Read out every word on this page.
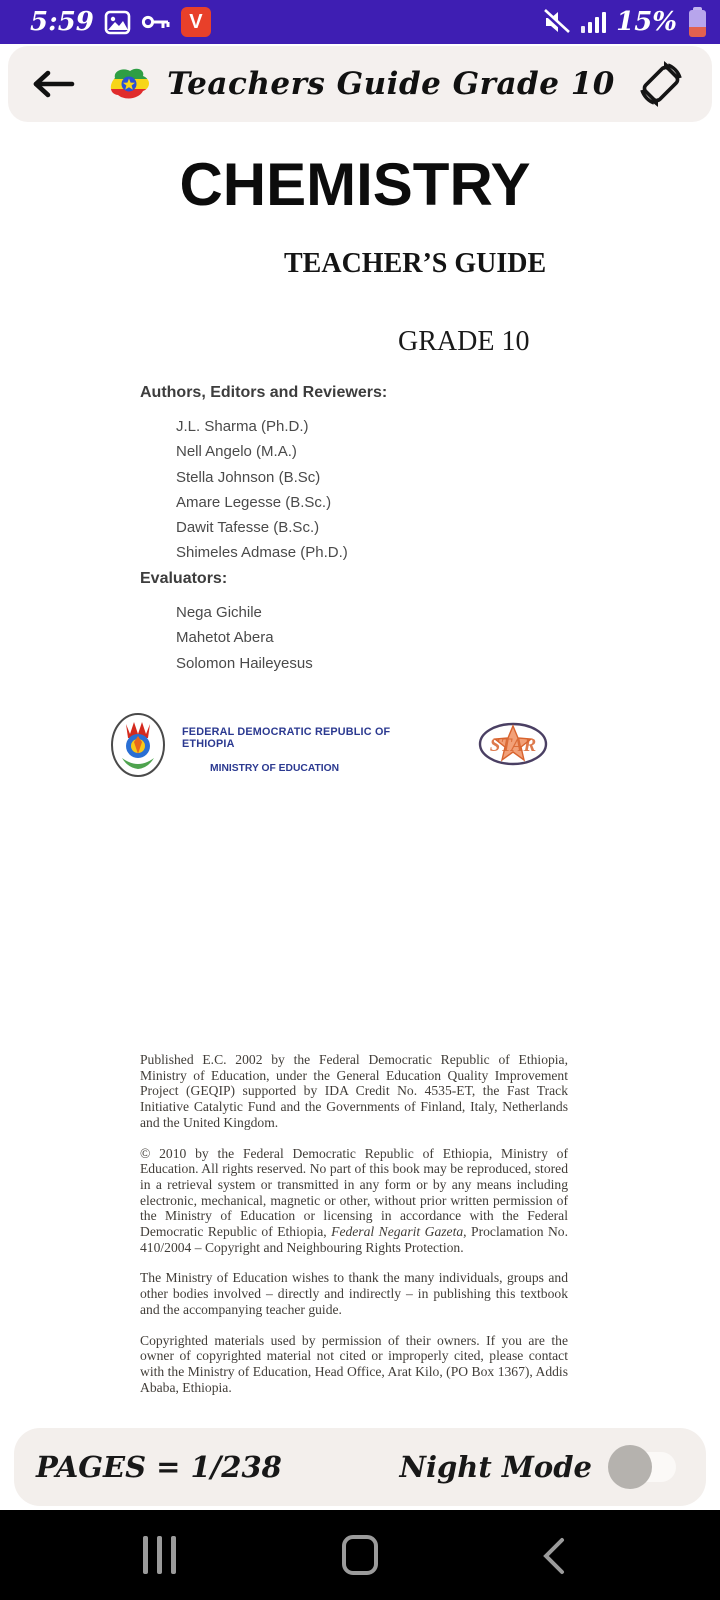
5:59	V	15%
Teachers Guide Grade 10
CHEMISTRY
TEACHER’S GUIDE
GRADE 10
Authors, Editors and Reviewers:
J.L. Sharma (Ph.D.)
Nell Angelo (M.A.)
Stella Johnson (B.Sc)
Amare Legesse (B.Sc.)
Dawit Tafesse (B.Sc.)
Shimeles Admase (Ph.D.)
Evaluators:
Nega Gichile
Mahetot Abera
Solomon Haileyesus
FEDERAL DEMOCRATIC REPUBLIC OF ETHIOPIA
MINISTRY OF EDUCATION
STAR

Published E.C. 2002 by the Federal Democratic Republic of Ethiopia, Ministry of Education, under the General Education Quality Improvement Project (GEQIP) supported by IDA Credit No. 4535-ET, the Fast Track Initiative Catalytic Fund and the Governments of Finland, Italy, Netherlands and the United Kingdom.

© 2010 by the Federal Democratic Republic of Ethiopia, Ministry of Education. All rights reserved. No part of this book may be reproduced, stored in a retrieval system or transmitted in any form or by any means including electronic, mechanical, magnetic or other, without prior written permission of the Ministry of Education or licensing in accordance with the Federal Democratic Republic of Ethiopia, Federal Negarit Gazeta, Proclamation No. 410/2004 – Copyright and Neighbouring Rights Protection.

The Ministry of Education wishes to thank the many individuals, groups and other bodies involved – directly and indirectly – in publishing this textbook and the accompanying teacher guide.

Copyrighted materials used by permission of their owners. If you are the owner of copyrighted material not cited or improperly cited, please contact with the Ministry of Education, Head Office, Arat Kilo, (PO Box 1367), Addis Ababa, Ethiopia.

PAGES = 1/238	Night Mode
